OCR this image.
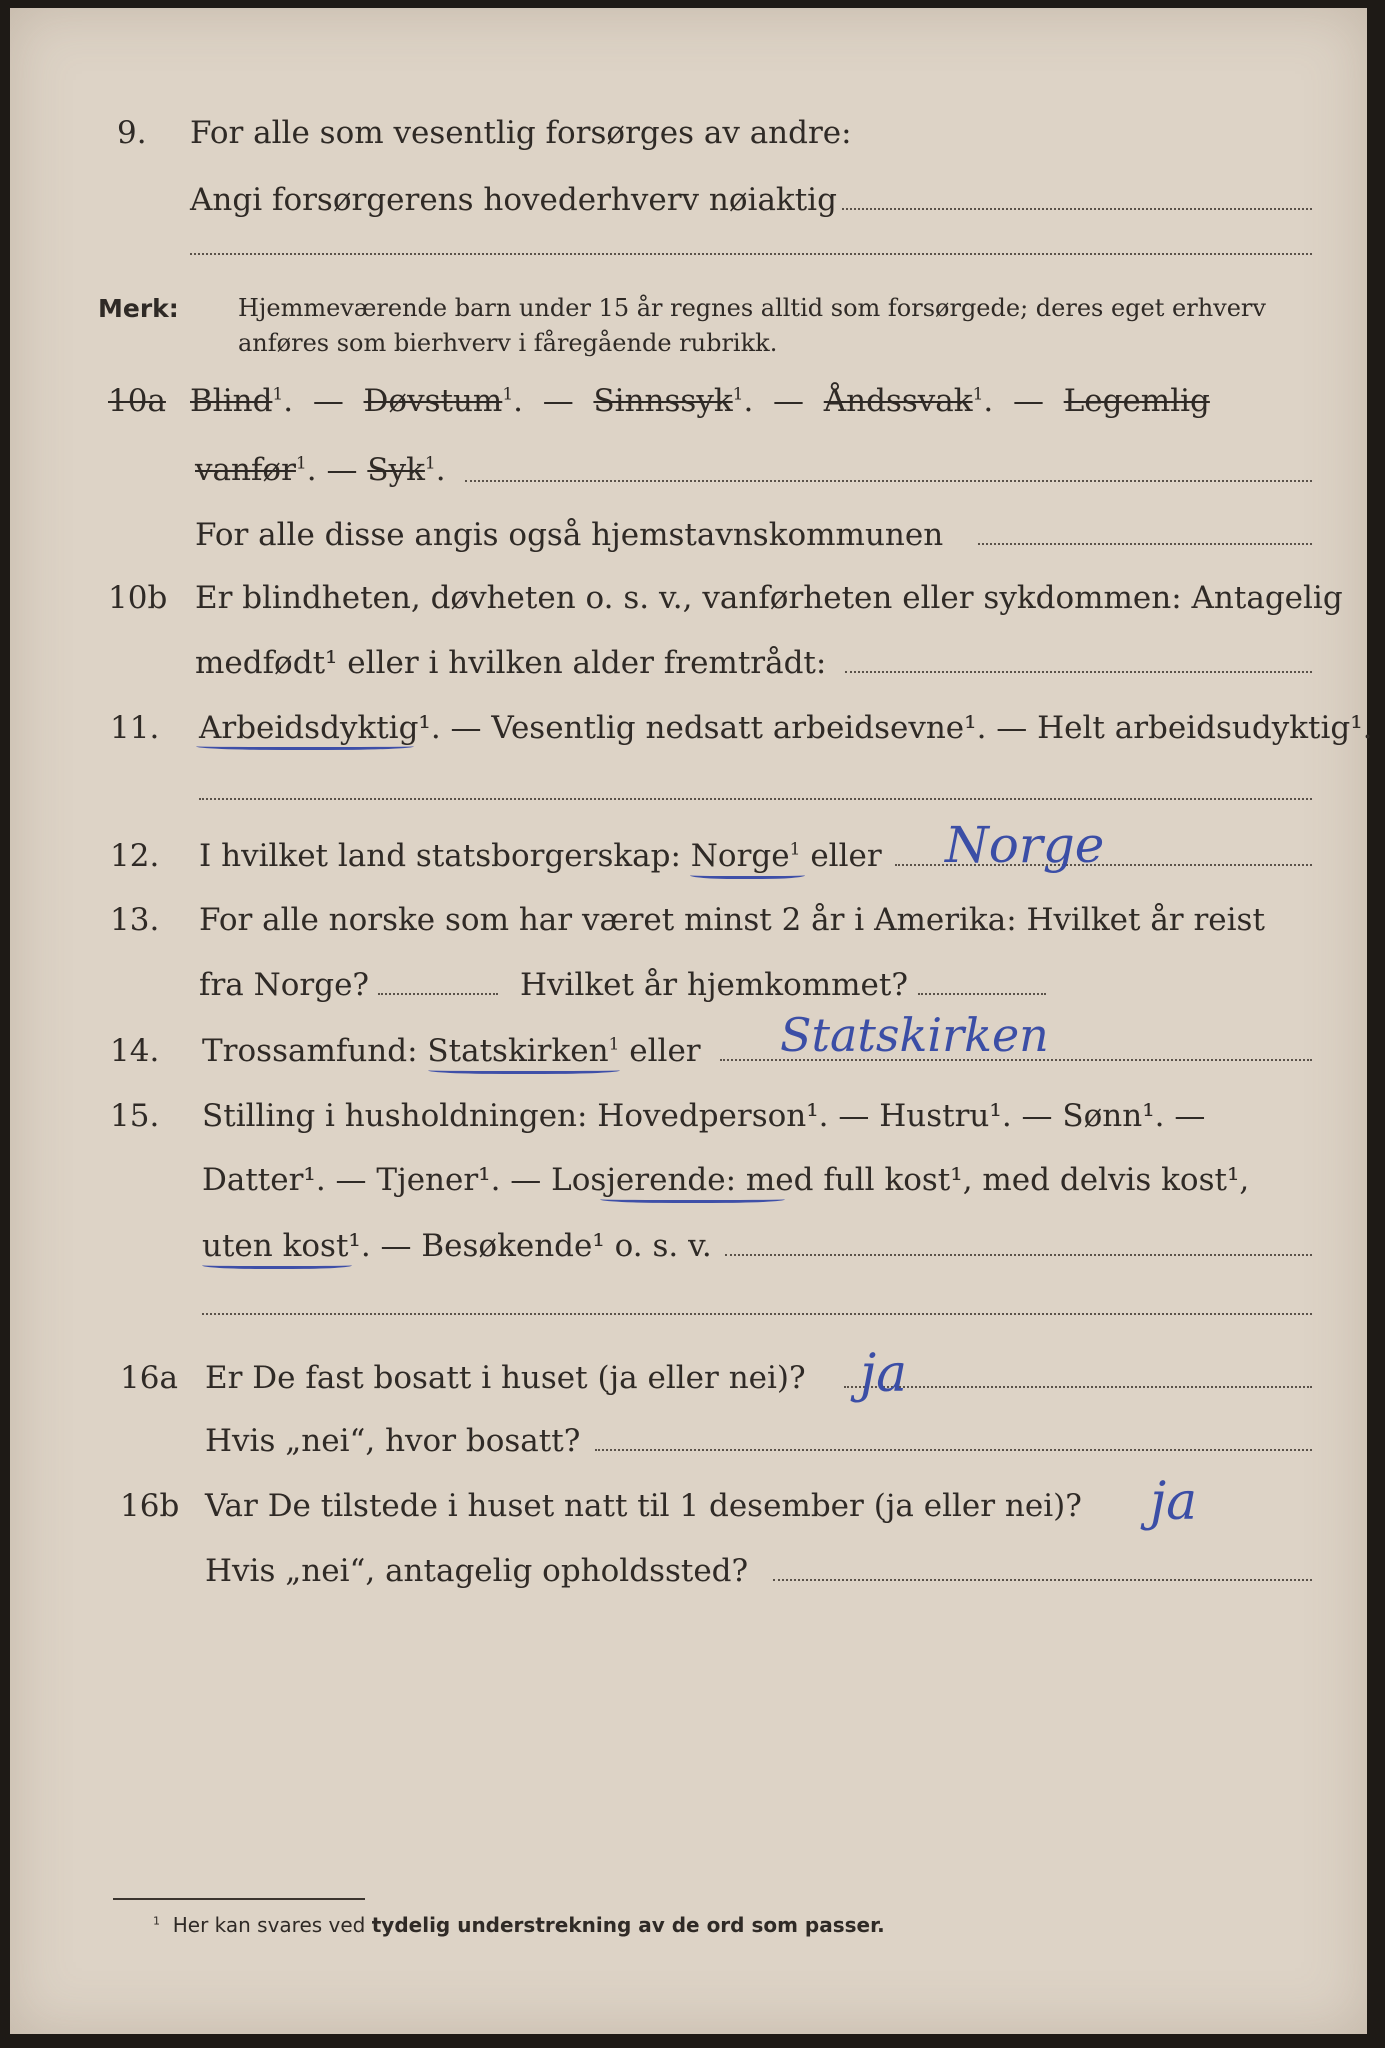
9. For alle som vesentlig forsørges av andre:
Angi forsørgerens hovederhverv nøiaktig
Merk: Hjemmeværende barn under 15 år regnes alltid som forsørgede; deres eget erhverv
anføres som bierhverv i fåregående rubrikk.
10a Blind$^1$.  —  Døvstum$^1$.  —  Sinnssyk$^1$.  —  Åndssvak$^1$.  —  Legemlig
vanfør$^1$. — Syk$^1$.
For alle disse angis også hjemstavnskommunen
10b Er blindheten, døvheten o. s. v., vanførheten eller sykdommen: Antagelig
medfødt¹ eller i hvilken alder fremtrådt:
11. Arbeidsdyktig¹. — Vesentlig nedsatt arbeidsevne¹. — Helt arbeidsudyktig¹.
12. I hvilket land statsborgerskap: Norge$^1$ eller Norge
13. For alle norske som har været minst 2 år i Amerika: Hvilket år reist
fra Norge?	Hvilket år hjemkommet?
14. Trossamfund: Statskirken$^1$ eller Statskirken
15. Stilling i husholdningen: Hovedperson¹. — Hustru¹. — Sønn¹. —
Datter¹. — Tjener¹. — Losjerende: med full kost¹, med delvis kost¹,
uten kost¹. — Besøkende¹ o. s. v.
16a Er De fast bosatt i huset (ja eller nei)? ja
Hvis „nei“, hvor bosatt?
16b Var De tilstede i huset natt til 1 desember (ja eller nei)? ja
Hvis „nei“, antagelig opholdssted?
$^1$ Her kan svares ved tydelig understrekning av de ord som passer.
